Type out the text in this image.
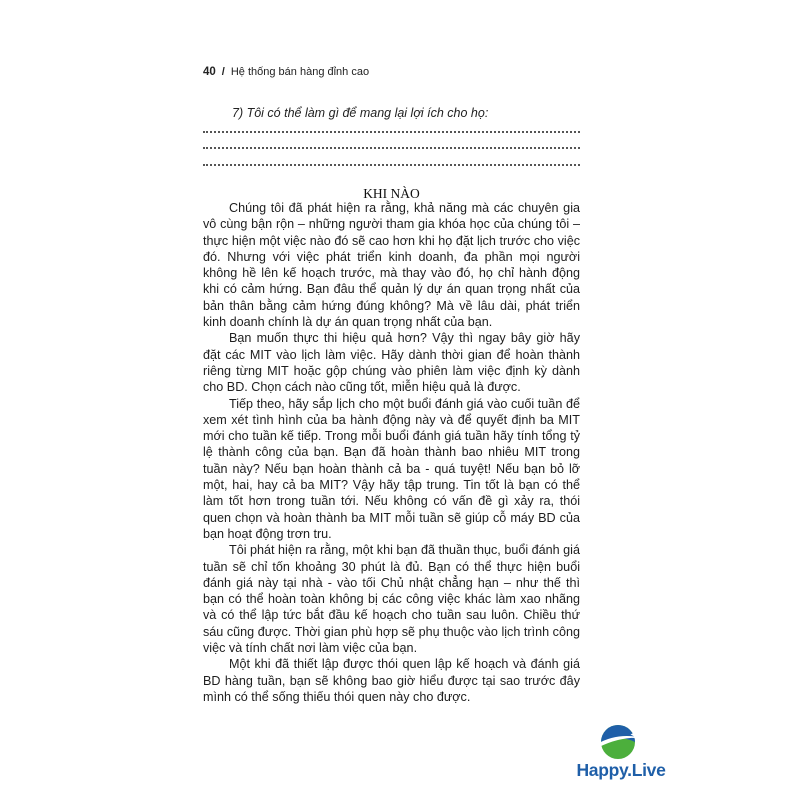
40 / Hệ thống bán hàng đỉnh cao
7) Tôi có thể làm gì để mang lại lợi ích cho họ:
KHI NÀO

Chúng tôi đã phát hiện ra rằng, khả năng mà các chuyên gia vô cùng bận rộn – những người tham gia khóa học của chúng tôi – thực hiện một việc nào đó sẽ cao hơn khi họ đặt lịch trước cho việc đó. Nhưng với việc phát triển kinh doanh, đa phần mọi người không hề lên kế hoạch trước, mà thay vào đó, họ chỉ hành động khi có cảm hứng. Bạn đâu thể quản lý dự án quan trọng nhất của bản thân bằng cảm hứng đúng không? Mà về lâu dài, phát triển kinh doanh chính là dự án quan trọng nhất của bạn.

Bạn muốn thực thi hiệu quả hơn? Vậy thì ngay bây giờ hãy đặt các MIT vào lịch làm việc. Hãy dành thời gian để hoàn thành riêng từng MIT hoặc gộp chúng vào phiên làm việc định kỳ dành cho BD. Chọn cách nào cũng tốt, miễn hiệu quả là được.

Tiếp theo, hãy sắp lịch cho một buổi đánh giá vào cuối tuần để xem xét tình hình của ba hành động này và để quyết định ba MIT mới cho tuần kế tiếp. Trong mỗi buổi đánh giá tuần hãy tính tổng tỷ lệ thành công của bạn. Bạn đã hoàn thành bao nhiêu MIT trong tuần này? Nếu bạn hoàn thành cả ba - quá tuyệt! Nếu bạn bỏ lỡ một, hai, hay cả ba MIT? Vậy hãy tập trung. Tin tốt là bạn có thể làm tốt hơn trong tuần tới. Nếu không có vấn đề gì xảy ra, thói quen chọn và hoàn thành ba MIT mỗi tuần sẽ giúp cỗ máy BD của bạn hoạt động trơn tru.

Tôi phát hiện ra rằng, một khi bạn đã thuần thục, buổi đánh giá tuần sẽ chỉ tốn khoảng 30 phút là đủ. Bạn có thể thực hiện buổi đánh giá này tại nhà - vào tối Chủ nhật chẳng hạn – như thế thì bạn có thể hoàn toàn không bị các công việc khác làm xao nhãng và có thể lập tức bắt đầu kế hoạch cho tuần sau luôn. Chiều thứ sáu cũng được. Thời gian phù hợp sẽ phụ thuộc vào lịch trình công việc và tính chất nơi làm việc của bạn.

Một khi đã thiết lập được thói quen lập kế hoạch và đánh giá BD hàng tuần, bạn sẽ không bao giờ hiểu được tại sao trước đây mình có thể sống thiếu thói quen này cho được.

Happy.Live
